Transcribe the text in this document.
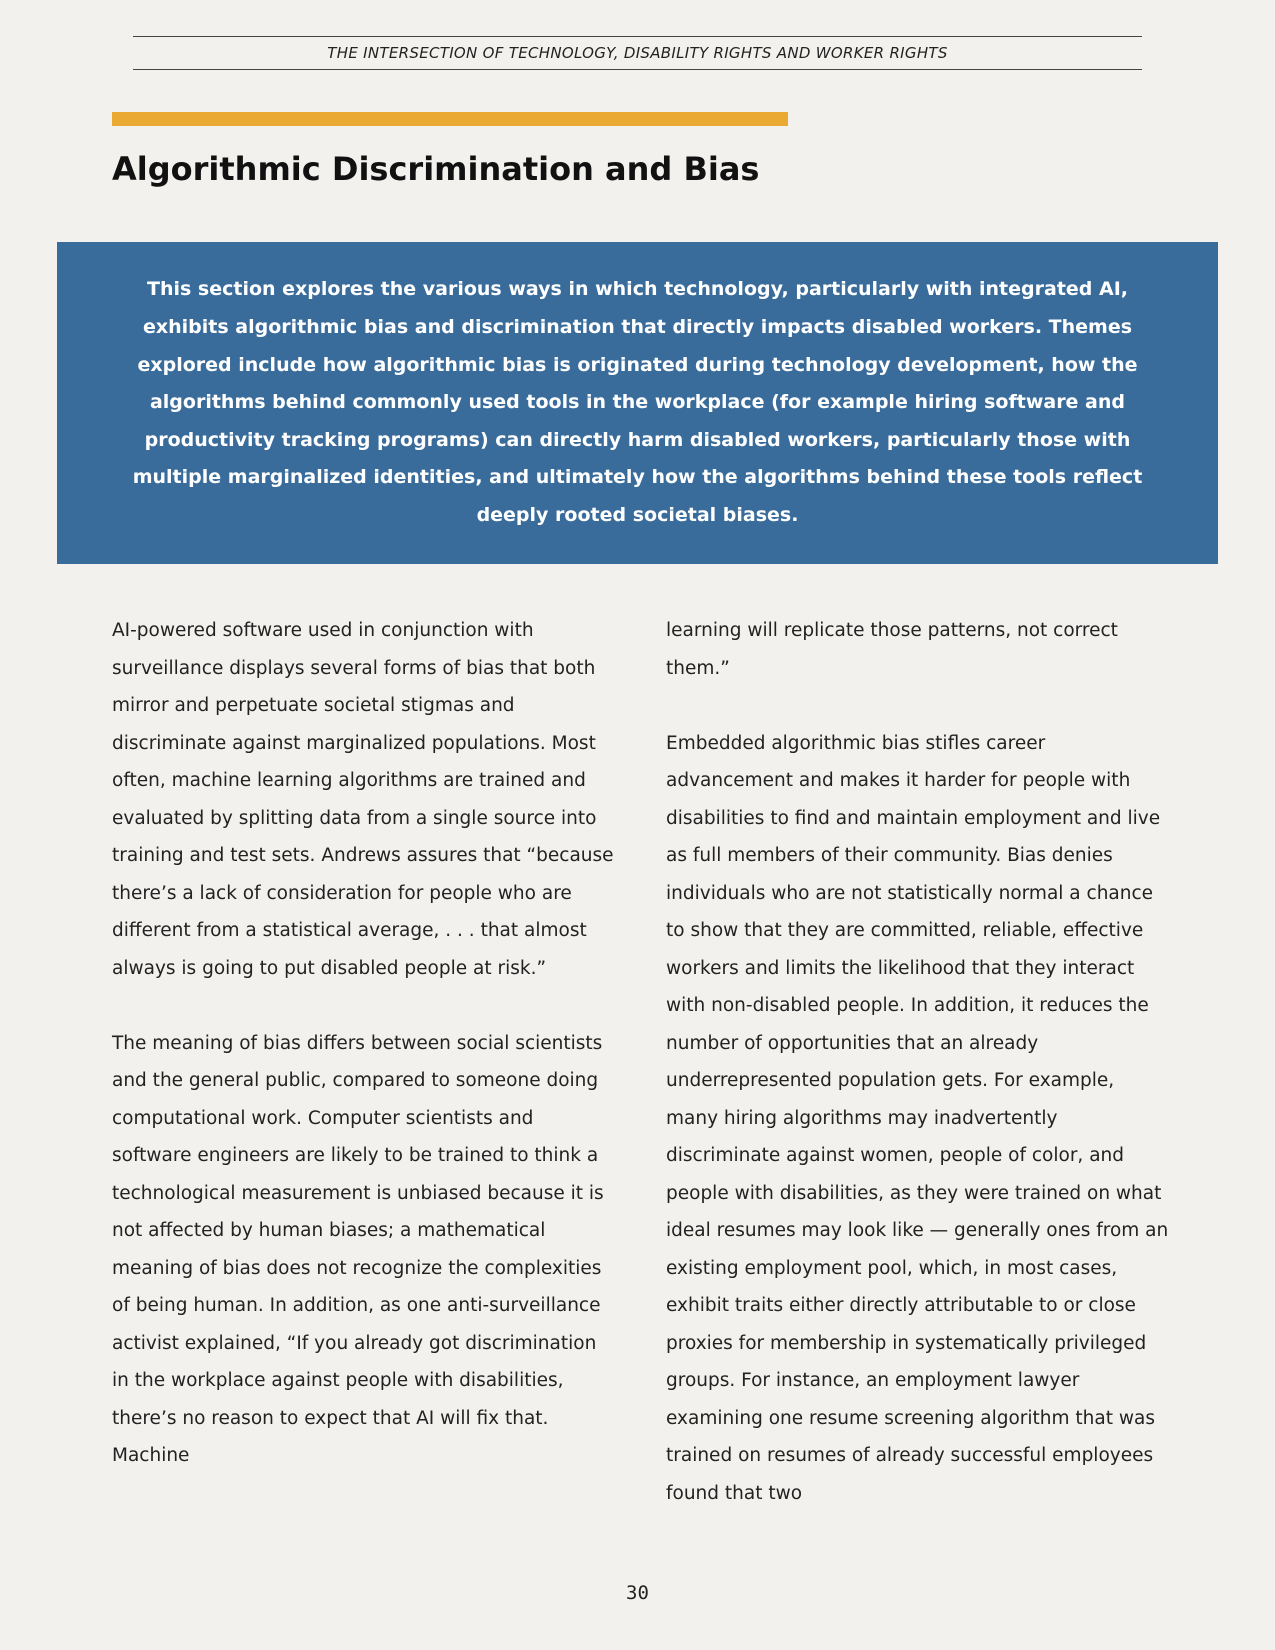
THE INTERSECTION OF TECHNOLOGY, DISABILITY RIGHTS AND WORKER RIGHTS
Algorithmic Discrimination and Bias

This section explores the various ways in which technology, particularly with integrated AI, exhibits algorithmic bias and discrimination that directly impacts disabled workers. Themes explored include how algorithmic bias is originated during technology development, how the algorithms behind commonly used tools in the workplace (for example hiring software and productivity tracking programs) can directly harm disabled workers, particularly those with multiple marginalized identities, and ultimately how the algorithms behind these tools reflect deeply rooted societal biases.

AI-powered software used in conjunction with surveillance displays several forms of bias that both mirror and perpetuate societal stigmas and discriminate against marginalized populations. Most often, machine learning algorithms are trained and evaluated by splitting data from a single source into training and test sets. Andrews assures that “because there’s a lack of consideration for people who are different from a statistical average, . . . that almost always is going to put disabled people at risk.”

The meaning of bias differs between social scientists and the general public, compared to someone doing computational work. Computer scientists and software engineers are likely to be trained to think a technological measurement is unbiased because it is not affected by human biases; a mathematical meaning of bias does not recognize the complexities of being human. In addition, as one anti-surveillance activist explained, “If you already got discrimination in the workplace against people with disabilities, there’s no reason to expect that AI will fix that. Machine

learning will replicate those patterns, not correct them.”

Embedded algorithmic bias stifles career advancement and makes it harder for people with disabilities to find and maintain employment and live as full members of their community. Bias denies individuals who are not statistically normal a chance to show that they are committed, reliable, effective workers and limits the likelihood that they interact with non-disabled people. In addition, it reduces the number of opportunities that an already underrepresented population gets. For example, many hiring algorithms may inadvertently discriminate against women, people of color, and people with disabilities, as they were trained on what ideal resumes may look like — generally ones from an existing employment pool, which, in most cases, exhibit traits either directly attributable to or close proxies for membership in systematically privileged groups. For instance, an employment lawyer examining one resume screening algorithm that was trained on resumes of already successful employees found that two

30
